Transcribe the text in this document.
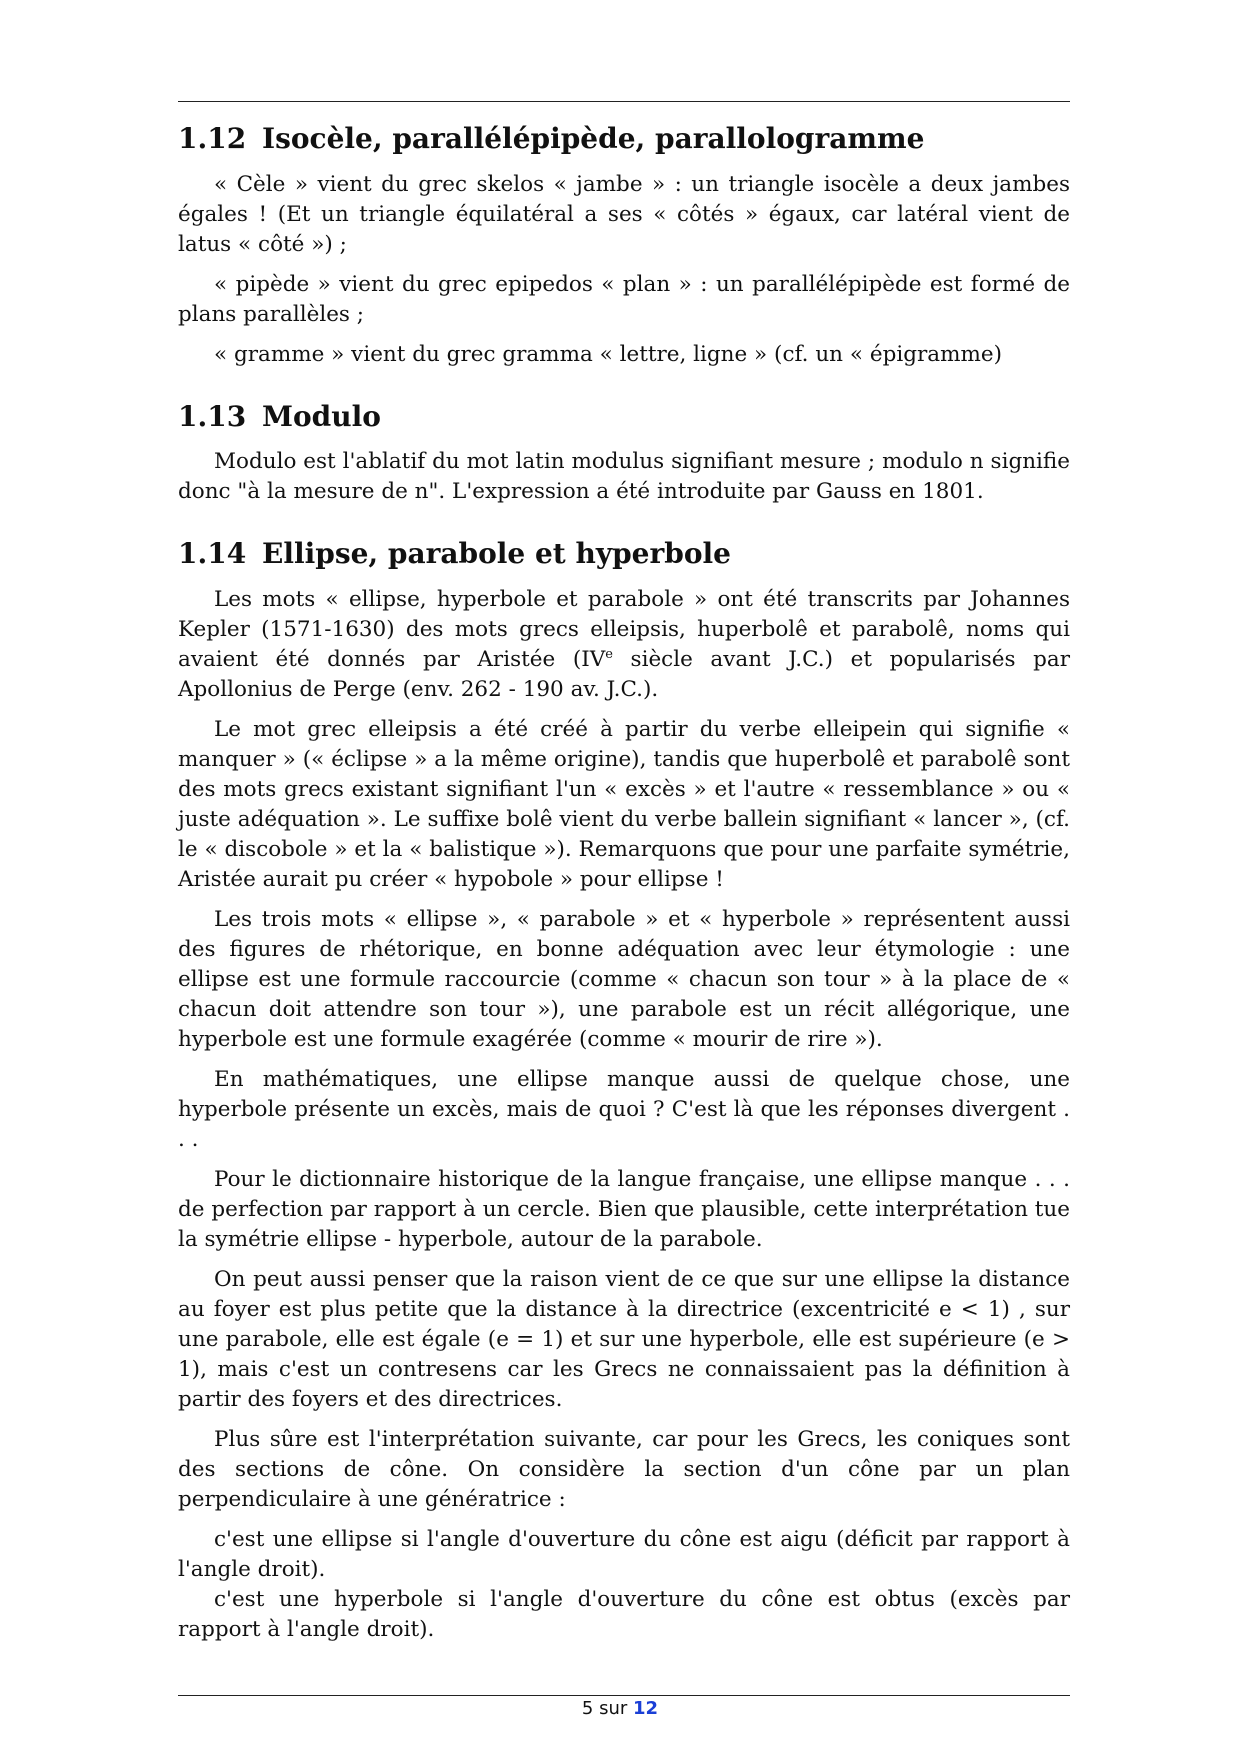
1.12 Isocèle, parallélépipède, parallologramme

« Cèle » vient du grec skelos « jambe » : un triangle isocèle a deux jambes égales ! (Et un triangle équilatéral a ses « côtés » égaux, car latéral vient de latus « côté ») ;

« pipède » vient du grec epipedos « plan » : un parallélépipède est formé de plans parallèles ;

« gramme » vient du grec gramma « lettre, ligne » (cf. un « épigramme)

1.13 Modulo

Modulo est l'ablatif du mot latin modulus signifiant mesure ; modulo n signifie donc "à la mesure de n". L'expression a été introduite par Gauss en 1801.

1.14 Ellipse, parabole et hyperbole

Les mots « ellipse, hyperbole et parabole » ont été transcrits par Johannes Kepler (1571-1630) des mots grecs elleipsis, huperbolê et parabolê, noms qui avaient été donnés par Aristée (IVe siècle avant J.C.) et popularisés par Apollonius de Perge (env. 262 - 190 av. J.C.).

Le mot grec elleipsis a été créé à partir du verbe elleipein qui signifie « manquer » (« éclipse » a la même origine), tandis que huperbolê et parabolê sont des mots grecs existant signifiant l'un « excès » et l'autre « ressemblance » ou « juste adéquation ». Le suffixe bolê vient du verbe ballein signifiant « lancer », (cf. le « discobole » et la « balistique »). Remarquons que pour une parfaite symétrie, Aristée aurait pu créer « hypobole » pour ellipse !

Les trois mots « ellipse », « parabole » et « hyperbole » représentent aussi des figures de rhétorique, en bonne adéquation avec leur étymologie : une ellipse est une formule raccourcie (comme « chacun son tour » à la place de « chacun doit attendre son tour »), une parabole est un récit allégorique, une hyperbole est une formule exagérée (comme « mourir de rire »).

En mathématiques, une ellipse manque aussi de quelque chose, une hyperbole présente un excès, mais de quoi ? C'est là que les réponses divergent . . .

Pour le dictionnaire historique de la langue française, une ellipse manque . . . de perfection par rapport à un cercle. Bien que plausible, cette interprétation tue la symétrie ellipse - hyperbole, autour de la parabole.

On peut aussi penser que la raison vient de ce que sur une ellipse la distance au foyer est plus petite que la distance à la directrice (excentricité e < 1) , sur une parabole, elle est égale (e = 1) et sur une hyperbole, elle est supérieure (e > 1), mais c'est un contresens car les Grecs ne connaissaient pas la définition à partir des foyers et des directrices.

Plus sûre est l'interprétation suivante, car pour les Grecs, les coniques sont des sections de cône. On considère la section d'un cône par un plan perpendiculaire à une génératrice :

c'est une ellipse si l'angle d'ouverture du cône est aigu (déficit par rapport à l'angle droit).

c'est une hyperbole si l'angle d'ouverture du cône est obtus (excès par rapport à l'angle droit).

5 sur 12
